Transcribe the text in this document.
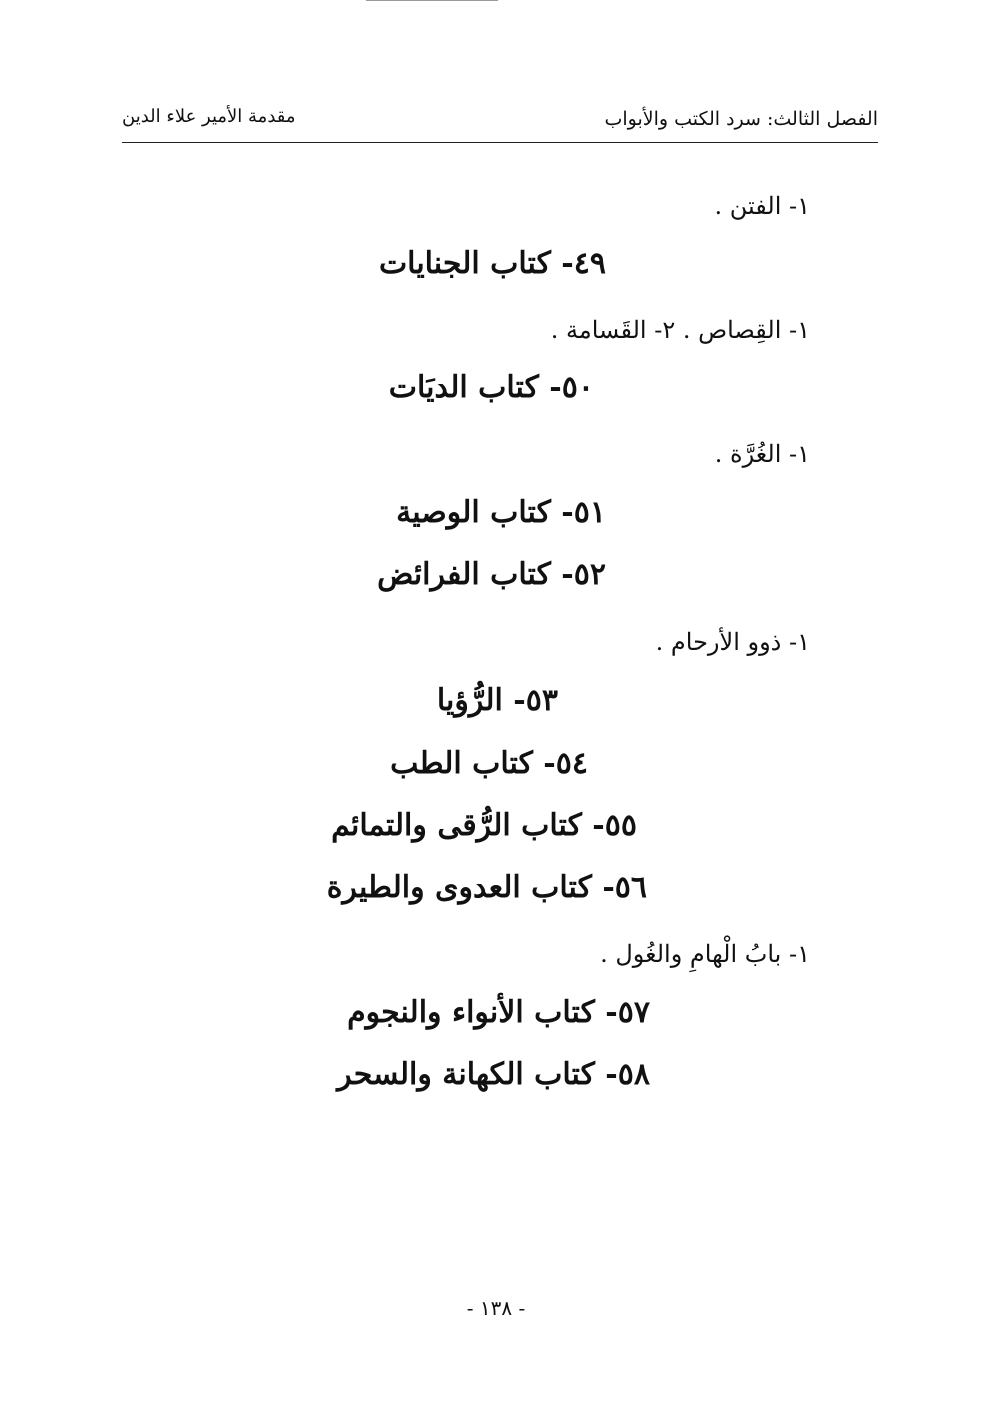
الفصل الثالث: سرد الكتب والأبواب
مقدمة الأمير علاء الدين
١- الفتن .
٤٩- كتاب الجنايات
١- القِصاص . ٢- القَسامة .
٥٠- كتاب الديَات
١- الغُرَّة .
٥١- كتاب الوصية
٥٢- كتاب الفرائض
١- ذوو الأرحام .
٥٣- الرُّؤيا
٥٤- كتاب الطب
٥٥- كتاب الرُّقى والتمائم
٥٦- كتاب العدوى والطيرة
١- بابُ الْهامِ والغُول .
٥٧- كتاب الأنواء والنجوم
٥٨- كتاب الكهانة والسحر
- ١٣٨ -
